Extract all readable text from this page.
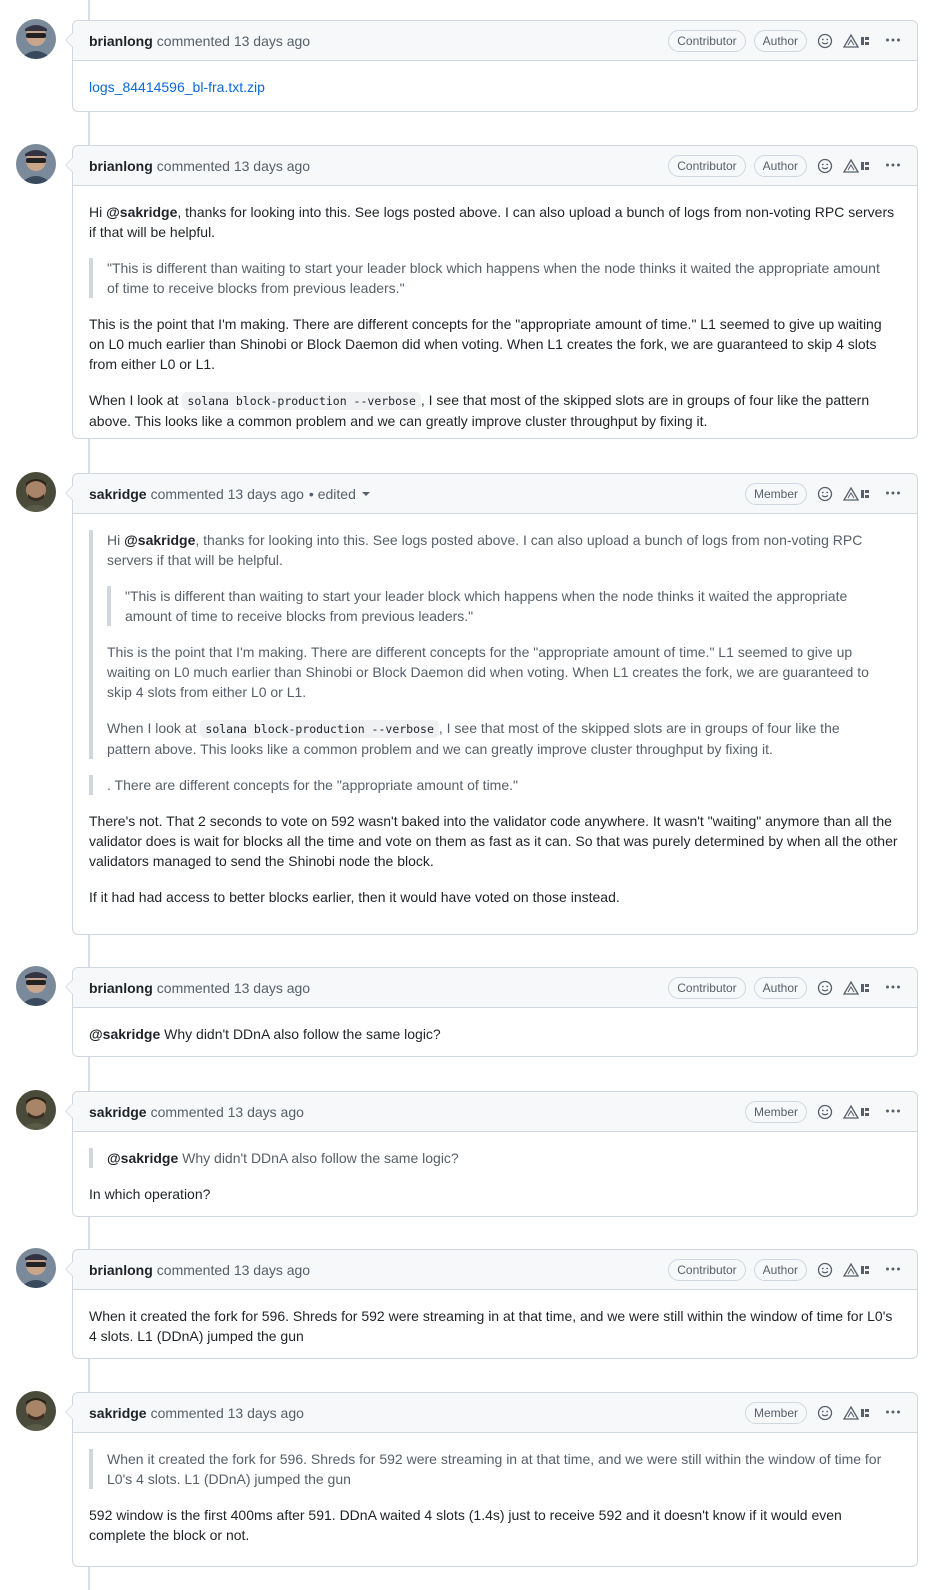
brianlong commented 13 days ago	Contributor	Author
logs_84414596_bl-fra.txt.zip
brianlong commented 13 days ago	Contributor	Author

Hi @sakridge, thanks for looking into this. See logs posted above. I can also upload a bunch of logs from non-voting RPC servers if that will be helpful.

"This is different than waiting to start your leader block which happens when the node thinks it waited the appropriate amount of time to receive blocks from previous leaders."

This is the point that I'm making. There are different concepts for the "appropriate amount of time." L1 seemed to give up waiting on L0 much earlier than Shinobi or Block Daemon did when voting. When L1 creates the fork, we are guaranteed to skip 4 slots from either L0 or L1.

When I look at solana block-production --verbose , I see that most of the skipped slots are in groups of four like the pattern above. This looks like a common problem and we can greatly improve cluster throughput by fixing it.

sakridge commented 13 days ago • edited	Member

Hi @sakridge, thanks for looking into this. See logs posted above. I can also upload a bunch of logs from non-voting RPC servers if that will be helpful.

"This is different than waiting to start your leader block which happens when the node thinks it waited the appropriate amount of time to receive blocks from previous leaders."

This is the point that I'm making. There are different concepts for the "appropriate amount of time." L1 seemed to give up waiting on L0 much earlier than Shinobi or Block Daemon did when voting. When L1 creates the fork, we are guaranteed to skip 4 slots from either L0 or L1.

When I look at solana block-production --verbose , I see that most of the skipped slots are in groups of four like the pattern above. This looks like a common problem and we can greatly improve cluster throughput by fixing it.

. There are different concepts for the "appropriate amount of time."

There's not. That 2 seconds to vote on 592 wasn't baked into the validator code anywhere. It wasn't "waiting" anymore than all the validator does is wait for blocks all the time and vote on them as fast as it can. So that was purely determined by when all the other validators managed to send the Shinobi node the block.

If it had had access to better blocks earlier, then it would have voted on those instead.

brianlong commented 13 days ago	Contributor	Author

@sakridge Why didn't DDnA also follow the same logic?

sakridge commented 13 days ago	Member

@sakridge Why didn't DDnA also follow the same logic?

In which operation?

brianlong commented 13 days ago	Contributor	Author

When it created the fork for 596. Shreds for 592 were streaming in at that time, and we were still within the window of time for L0's 4 slots. L1 (DDnA) jumped the gun

sakridge commented 13 days ago	Member

When it created the fork for 596. Shreds for 592 were streaming in at that time, and we were still within the window of time for L0's 4 slots. L1 (DDnA) jumped the gun

592 window is the first 400ms after 591. DDnA waited 4 slots (1.4s) just to receive 592 and it doesn't know if it would even complete the block or not.
